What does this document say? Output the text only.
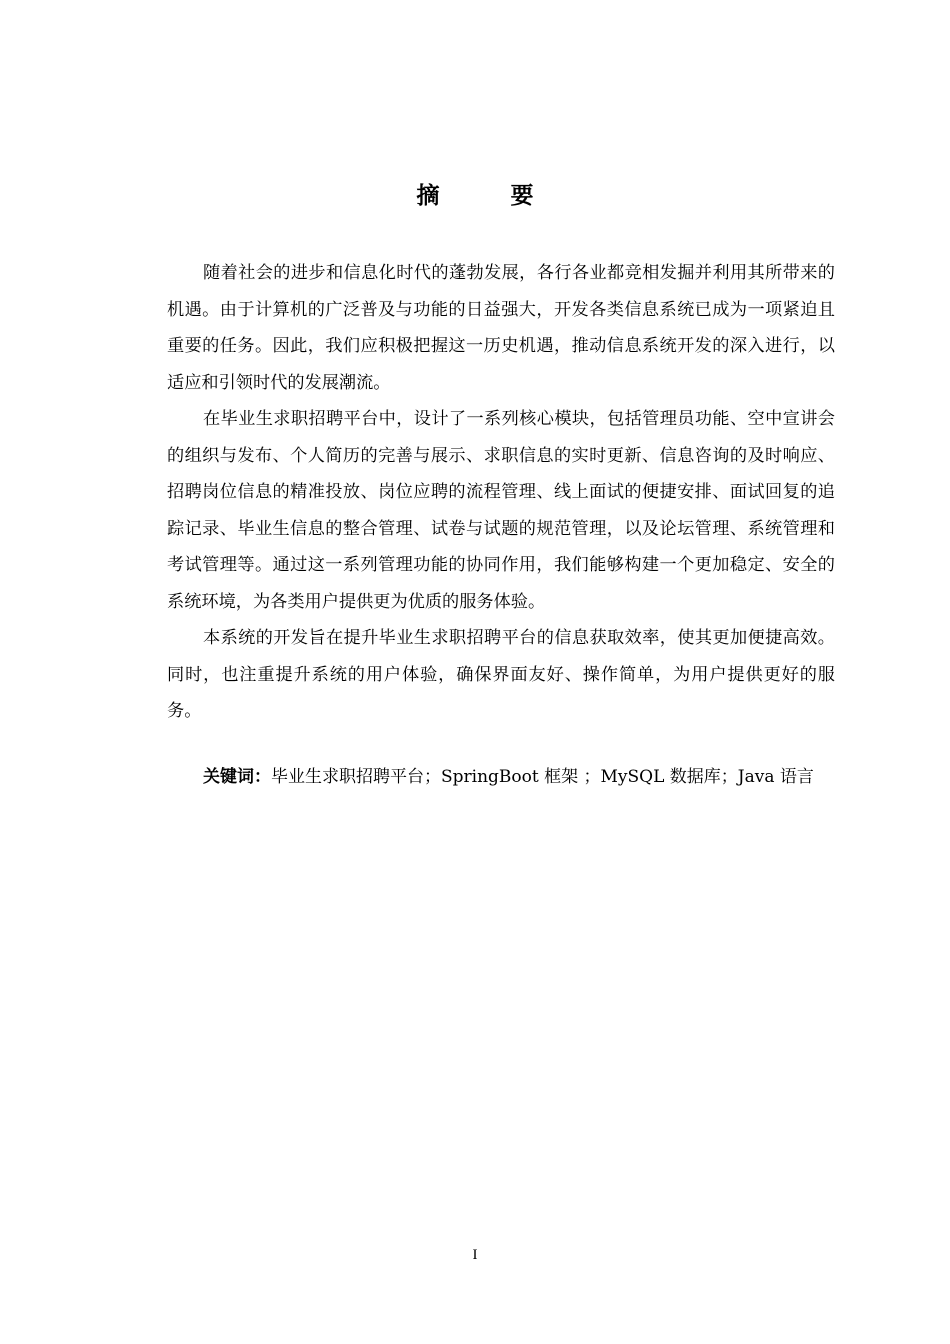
摘　要

随着社会的进步和信息化时代的蓬勃发展，各行各业都竞相发掘并利用其所带来的机遇。由于计算机的广泛普及与功能的日益强大，开发各类信息系统已成为一项紧迫且重要的任务。因此，我们应积极把握这一历史机遇，推动信息系统开发的深入进行，以适应和引领时代的发展潮流。

在毕业生求职招聘平台中，设计了一系列核心模块，包括管理员功能、空中宣讲会的组织与发布、个人简历的完善与展示、求职信息的实时更新、信息咨询的及时响应、招聘岗位信息的精准投放、岗位应聘的流程管理、线上面试的便捷安排、面试回复的追踪记录、毕业生信息的整合管理、试卷与试题的规范管理，以及论坛管理、系统管理和考试管理等。通过这一系列管理功能的协同作用，我们能够构建一个更加稳定、安全的系统环境，为各类用户提供更为优质的服务体验。

本系统的开发旨在提升毕业生求职招聘平台的信息获取效率，使其更加便捷高效。同时，也注重提升系统的用户体验，确保界面友好、操作简单，为用户提供更好的服务。

关键词：毕业生求职招聘平台；SpringBoot 框架 ；MySQL 数据库；Java 语言
I
